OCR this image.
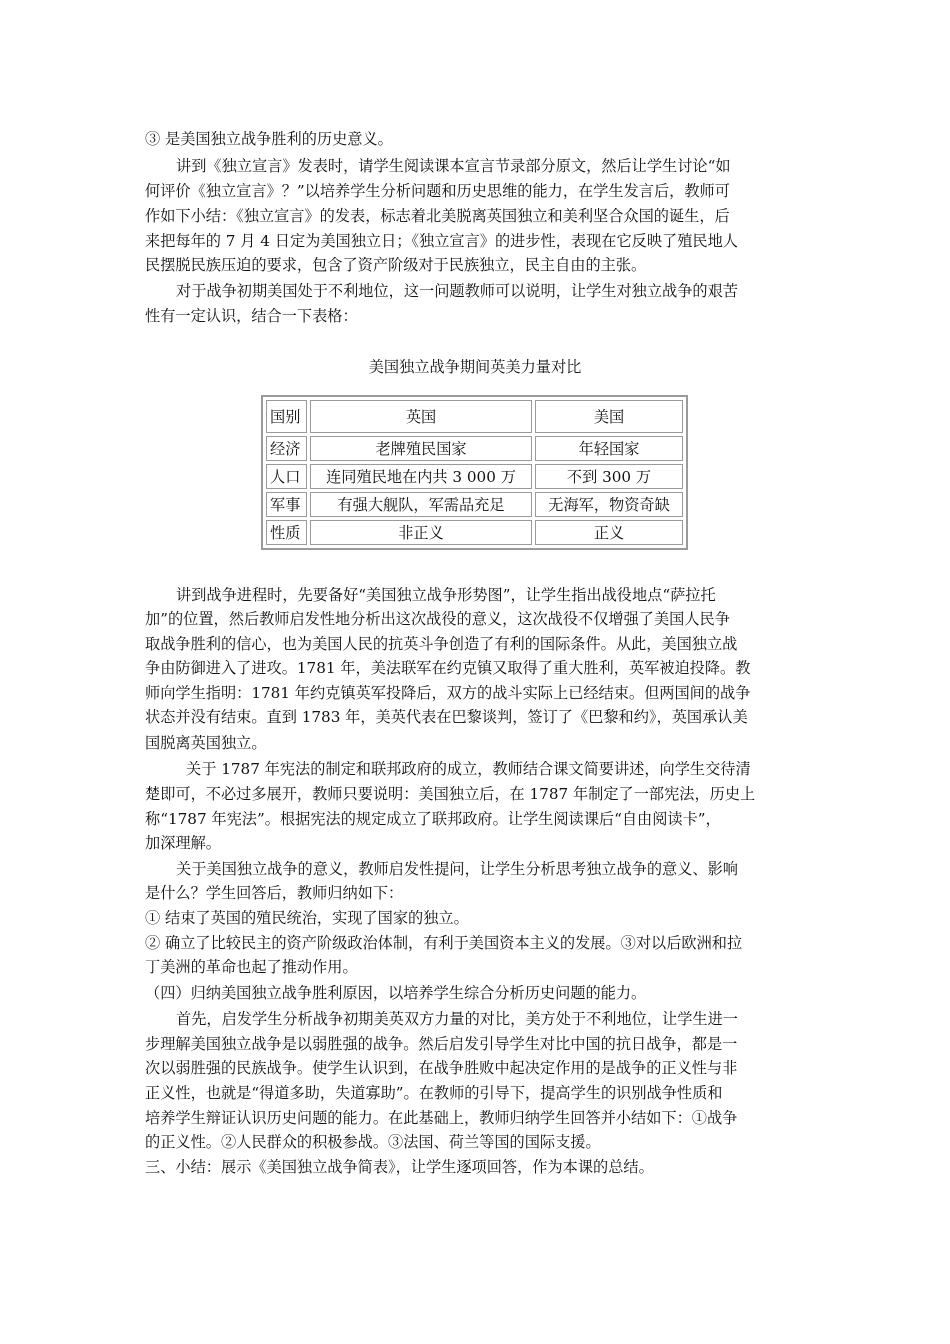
③ 是美国独立战争胜利的历史意义。
讲到《独立宣言》发表时，请学生阅读课本宣言节录部分原文，然后让学生讨论“如
何评价《独立宣言》？”以培养学生分析问题和历史思维的能力，在学生发言后，教师可
作如下小结：《独立宣言》的发表，标志着北美脱离英国独立和美利坚合众国的诞生，后
来把每年的 7 月 4 日定为美国独立日；《独立宣言》的进步性，表现在它反映了殖民地人
民摆脱民族压迫的要求，包含了资产阶级对于民族独立，民主自由的主张。
对于战争初期美国处于不利地位，这一问题教师可以说明，让学生对独立战争的艰苦
性有一定认识，结合一下表格：
美国独立战争期间英美力量对比
国别	英国	美国
经济	老牌殖民国家	年轻国家
人口	连同殖民地在内共 3 000 万	不到 300 万
军事	有强大舰队，军需品充足	无海军，物资奇缺
性质	非正义	正义
讲到战争进程时，先要备好“美国独立战争形势图”，让学生指出战役地点“萨拉托
加”的位置，然后教师启发性地分析出这次战役的意义，这次战役不仅增强了美国人民争
取战争胜利的信心，也为美国人民的抗英斗争创造了有利的国际条件。从此，美国独立战
争由防御进入了进攻。1781 年，美法联军在约克镇又取得了重大胜利，英军被迫投降。教
师向学生指明：1781 年约克镇英军投降后，双方的战斗实际上已经结束。但两国间的战争
状态并没有结束。直到 1783 年，美英代表在巴黎谈判，签订了《巴黎和约》，英国承认美
国脱离英国独立。
关于 1787 年宪法的制定和联邦政府的成立，教师结合课文简要讲述，向学生交待清
楚即可，不必过多展开，教师只要说明：美国独立后，在 1787 年制定了一部宪法，历史上
称“1787 年宪法”。根据宪法的规定成立了联邦政府。让学生阅读课后“自由阅读卡”，
加深理解。
关于美国独立战争的意义，教师启发性提问，让学生分析思考独立战争的意义、影响
是什么？学生回答后，教师归纳如下：
① 结束了英国的殖民统治，实现了国家的独立。
② 确立了比较民主的资产阶级政治体制，有利于美国资本主义的发展。③对以后欧洲和拉
丁美洲的革命也起了推动作用。
（四）归纳美国独立战争胜利原因，以培养学生综合分析历史问题的能力。
首先，启发学生分析战争初期美英双方力量的对比，美方处于不利地位，让学生进一
步理解美国独立战争是以弱胜强的战争。然后启发引导学生对比中国的抗日战争，都是一
次以弱胜强的民族战争。使学生认识到，在战争胜败中起决定作用的是战争的正义性与非
正义性，也就是“得道多助，失道寡助”。在教师的引导下，提高学生的识别战争性质和
培养学生辩证认识历史问题的能力。在此基础上，教师归纳学生回答并小结如下：①战争
的正义性。②人民群众的积极参战。③法国、荷兰等国的国际支援。
三、小结：展示《美国独立战争简表》，让学生逐项回答，作为本课的总结。
